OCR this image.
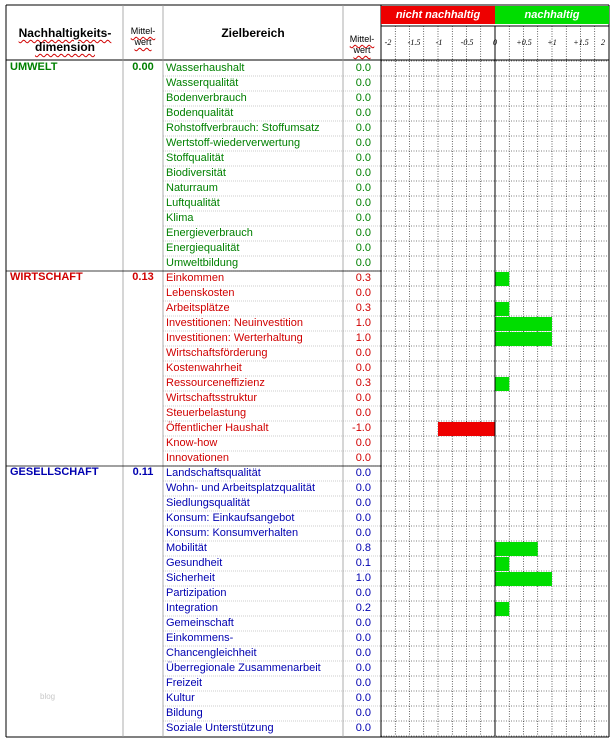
Nachhaltigkeits-dimension
Mittel-wert
Zielbereich	Mittel-wert
nicht nachhaltig	nachhaltig
-2	-1.5	-1	-0.5	0	+0.5	+1	+1.5	2
UMWELT	0.00	Wasserhaushalt	0.0
Wasserqualität	0.0
Bodenverbrauch	0.0
Bodenqualität	0.0
Rohstoffverbrauch: Stoffumsatz	0.0
Wertstoff-wiederverwertung	0.0
Stoffqualität	0.0
Biodiversität	0.0
Naturraum	0.0
Luftqualität	0.0
Klima	0.0
Energieverbrauch	0.0
Energiequalität	0.0
Umweltbildung	0.0
WIRTSCHAFT	0.13	Einkommen	0.3
Lebenskosten	0.0
Arbeitsplätze	0.3
Investitionen: Neuinvestition	1.0
Investitionen: Werterhaltung	1.0
Wirtschaftsförderung	0.0
Kostenwahrheit	0.0
Ressourceneffizienz	0.3
Wirtschaftsstruktur	0.0
Steuerbelastung	0.0
Öffentlicher Haushalt	-1.0
Know-how	0.0
Innovationen	0.0
GESELLSCHAFT	0.11	Landschaftsqualität	0.0
Wohn- und Arbeitsplatzqualität	0.0
Siedlungsqualität	0.0
Konsum: Einkaufsangebot	0.0
Konsum: Konsumverhalten	0.0
Mobilität	0.8
Gesundheit	0.1
Sicherheit	1.0
Partizipation	0.0
Integration	0.2
Gemeinschaft	0.0
Einkommens-	0.0
Chancengleichheit	0.0
Überregionale Zusammenarbeit	0.0
Freizeit	0.0
Kultur	0.0
Bildung	0.0
Soziale Unterstützung	0.0
blog
